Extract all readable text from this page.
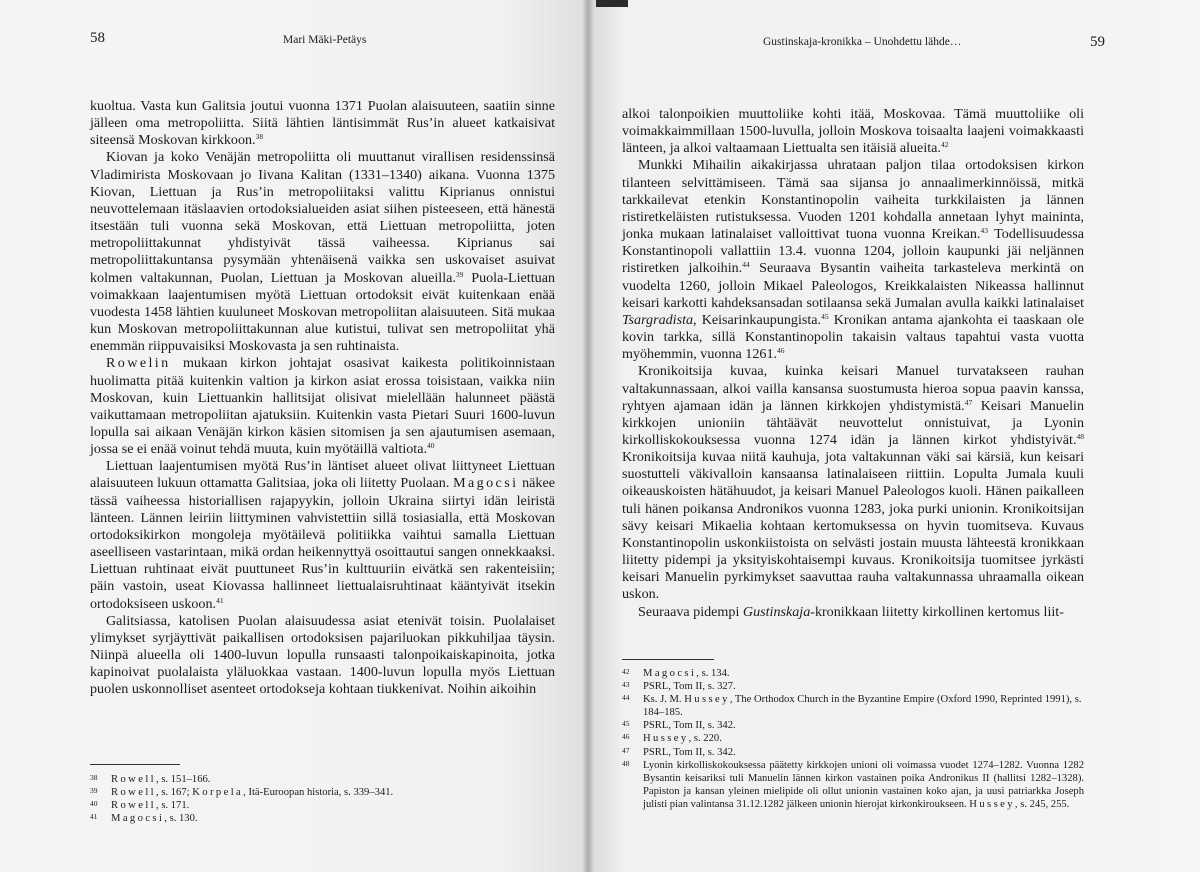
58	Mari Mäki-Petäys

kuoltua. Vasta kun Galitsia joutui vuonna 1371 Puolan alaisuuteen, saatiin sinne jälleen oma metropoliitta. Siitä lähtien läntisimmät Rus’in alueet katkaisivat siteensä Moskovan kirkkoon.$^{38}$

Kiovan ja koko Venäjän metropoliitta oli muuttanut virallisen residenssinsä Vladimirista Moskovaan jo Iivana Kalitan (1331–1340) aikana. Vuonna 1375 Kiovan, Liettuan ja Rus’in metropoliitaksi valittu Kiprianus onnistui neuvottelemaan itäslaavien ortodoksialueiden asiat siihen pisteeseen, että hänestä itsestään tuli vuonna sekä Moskovan, että Liettuan metropoliitta, joten metropoliittakunnat yhdistyivät tässä vaiheessa. Kiprianus sai metropoliittakuntansa pysymään yhtenäisenä vaikka sen uskovaiset asuivat kolmen valtakunnan, Puolan, Liettuan ja Moskovan alueilla.$^{39}$ Puola-Liettuan voimakkaan laajentumisen myötä Liettuan ortodoksit eivät kuitenkaan enää vuodesta 1458 lähtien kuuluneet Moskovan metropoliitan alaisuuteen. Sitä mukaa kun Moskovan metropoliittakunnan alue kutistui, tulivat sen metropoliitat yhä enemmän riippuvaisiksi Moskovasta ja sen ruhtinaista.

Rowelin mukaan kirkon johtajat osasivat kaikesta politikoinnistaan huolimatta pitää kuitenkin valtion ja kirkon asiat erossa toisistaan, vaikka niin Moskovan, kuin Liettuankin hallitsijat olisivat mielellään halunneet päästä vaikuttamaan metropoliitan ajatuksiin. Kuitenkin vasta Pietari Suuri 1600-luvun lopulla sai aikaan Venäjän kirkon käsien sitomisen ja sen ajautumisen asemaan, jossa se ei enää voinut tehdä muuta, kuin myötäillä valtiota.$^{40}$

Liettuan laajentumisen myötä Rus’in läntiset alueet olivat liittyneet Liettuan alaisuuteen lukuun ottamatta Galitsiaa, joka oli liitetty Puolaan. Magocsi näkee tässä vaiheessa historiallisen rajapyykin, jolloin Ukraina siirtyi idän leiristä länteen. Lännen leiriin liittyminen vahvistettiin sillä tosiasialla, että Moskovan ortodoksikirkon mongoleja myötäilevä politiikka vaihtui samalla Liettuan aseelliseen vastarintaan, mikä ordan heikennyttyä osoittautui sangen onnekkaaksi. Liettuan ruhtinaat eivät puuttuneet Rus’in kulttuuriin eivätkä sen rakenteisiin; päin vastoin, useat Kiovassa hallinneet liettualaisruhtinaat kääntyivät itsekin ortodoksiseen uskoon.$^{41}$

Galitsiassa, katolisen Puolan alaisuudessa asiat etenivät toisin. Puolalaiset ylimykset syrjäyttivät paikallisen ortodoksisen pajariluokan pikkuhiljaa täysin. Niinpä alueella oli 1400-luvun lopulla runsaasti talonpoikaiskapinoita, jotka kapinoivat puolalaista yläluokkaa vastaan. 1400-luvun lopulla myös Liettuan puolen uskonnolliset asenteet ortodokseja kohtaan tiukkenivat. Noihin aikoihin

38 Rowell, s. 151–166.
39 Rowell, s. 167; Korpela, Itä-Euroopan historia, s. 339–341.
40 Rowell, s. 171.
41 Magocsi, s. 130.
Gustinskaja-kronikka – Unohdettu lähde…	59

alkoi talonpoikien muuttoliike kohti itää, Moskovaa. Tämä muuttoliike oli voimakkaimmillaan 1500-luvulla, jolloin Moskova toisaalta laajeni voimakkaasti länteen, ja alkoi valtaamaan Liettualta sen itäisiä alueita.$^{42}$

Munkki Mihailin aikakirjassa uhrataan paljon tilaa ortodoksisen kirkon tilanteen selvittämiseen. Tämä saa sijansa jo annaalimerkinnöissä, mitkä tarkkailevat etenkin Konstantinopolin vaiheita turkkilaisten ja lännen ristiretkeläisten rutistuksessa. Vuoden 1201 kohdalla annetaan lyhyt maininta, jonka mukaan latinalaiset valloittivat tuona vuonna Kreikan.$^{43}$ Todellisuudessa Konstantinopoli vallattiin 13.4. vuonna 1204, jolloin kaupunki jäi neljännen ristiretken jalkoihin.$^{44}$ Seuraava Bysantin vaiheita tarkasteleva merkintä on vuodelta 1260, jolloin Mikael Paleologos, Kreikkalaisten Nikeassa hallinnut keisari karkotti kahdeksansadan sotilaansa sekä Jumalan avulla kaikki latinalaiset Tsargradista, Keisarinkaupungista.$^{45}$ Kronikan antama ajankohta ei taaskaan ole kovin tarkka, sillä Konstantinopolin takaisin valtaus tapahtui vasta vuotta myöhemmin, vuonna 1261.46

Kronikoitsija kuvaa, kuinka keisari Manuel turvatakseen rauhan valtakunnassaan, alkoi vailla kansansa suostumusta hieroa sopua paavin kanssa, ryhtyen ajamaan idän ja lännen kirkkojen yhdistymistä.$^{47}$ Keisari Manuelin kirkkojen unioniin tähtäävät neuvottelut onnistuivat, ja Lyonin kirkolliskokouksessa vuonna 1274 idän ja lännen kirkot yhdistyivät.$^{48}$ Kronikoitsija kuvaa niitä kauhuja, jota valtakunnan väki sai kärsiä, kun keisari suostutteli väkivalloin kansaansa latinalaiseen riittiin. Lopulta Jumala kuuli oikeauskoisten hätähuudot, ja keisari Manuel Paleologos kuoli. Hänen paikalleen tuli hänen poikansa Andronikos vuonna 1283, joka purki unionin. Kronikoitsijan sävy keisari Mikaelia kohtaan kertomuksessa on hyvin tuomitseva. Kuvaus Konstantinopolin uskonkiistoista on selvästi jostain muusta lähteestä kronikkaan liitetty pidempi ja yksityiskohtaisempi kuvaus. Kronikoitsija tuomitsee jyrkästi keisari Manuelin pyrkimykset saavuttaa rauha valtakunnassa uhraamalla oikean uskon.

Seuraava pidempi Gustinskaja-kronikkaan liitetty kirkollinen kertomus liit-

42 Magocsi, s. 134.
43 PSRL, Tom II, s. 327.
44 Ks. J. M. Hussey, The Orthodox Church in the Byzantine Empire (Oxford 1990, Reprinted 1991), s. 184–185.
45 PSRL, Tom II, s. 342.
46 Hussey, s. 220.
47 PSRL, Tom II, s. 342.
48 Lyonin kirkolliskokouksessa päätetty kirkkojen unioni oli voimassa vuodet 1274–1282. Vuonna 1282 Bysantin keisariksi tuli Manuelin lännen kirkon vastainen poika Andronikus II (hallitsi 1282–1328). Papiston ja kansan yleinen mielipide oli ollut unionin vastainen koko ajan, ja uusi patriarkka Joseph julisti pian valintansa 31.12.1282 jälkeen unionin hierojat kirkonkiroukseen. Hussey, s. 245, 255.
